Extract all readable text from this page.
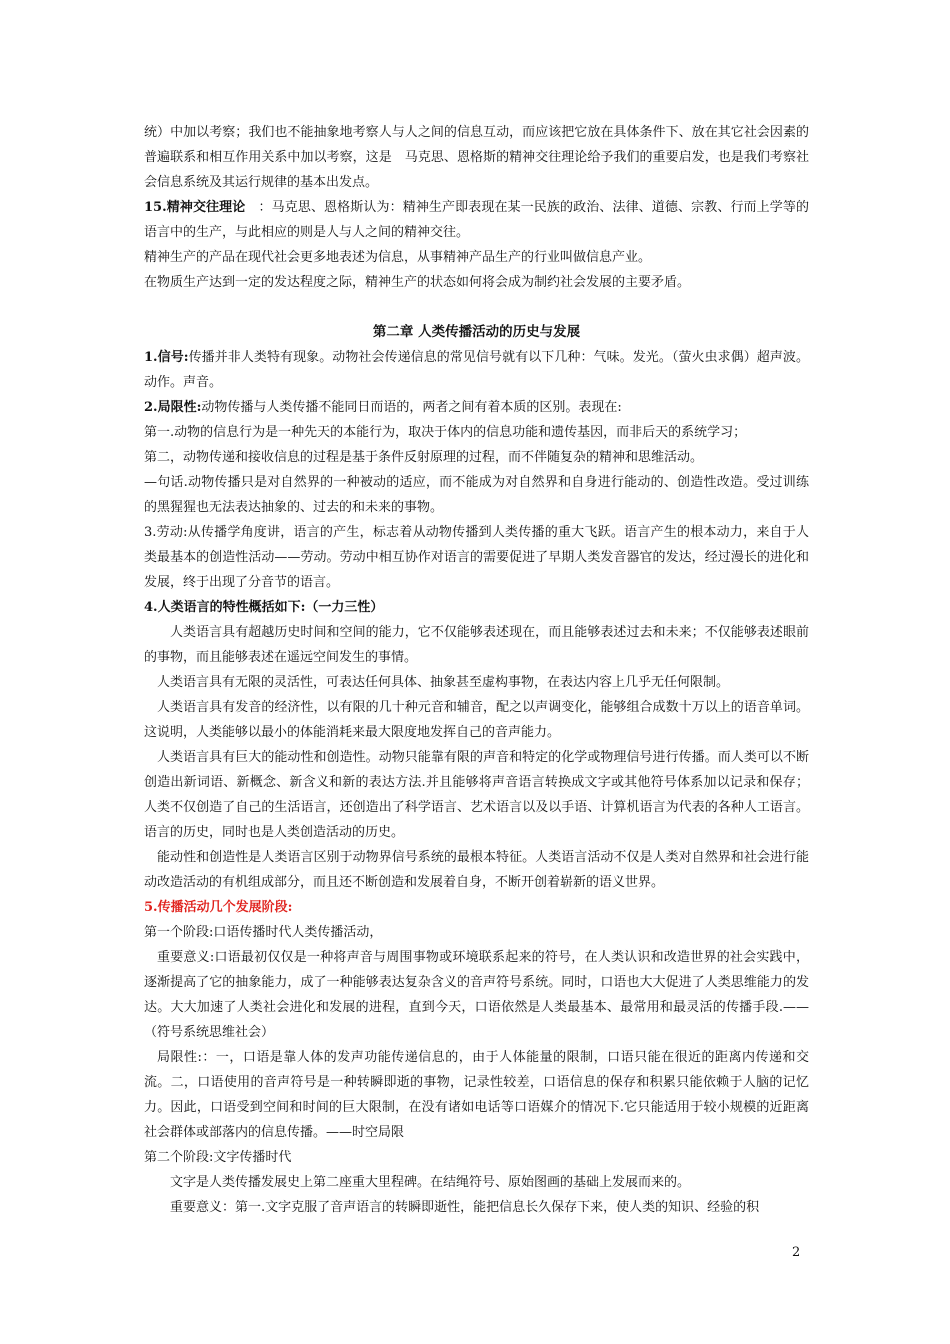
统）中加以考察；我们也不能抽象地考察人与人之间的信息互动，而应该把它放在具体条件下、放在其它社会因素的普遍联系和相互作用关系中加以考察，这是　马克思、恩格斯的精神交往理论给予我们的重要启发，也是我们考察社会信息系统及其运行规律的基本出发点。

15.精神交往理论　：马克思、恩格斯认为：精神生产即表现在某一民族的政治、法律、道德、宗教、行而上学等的语言中的生产，与此相应的则是人与人之间的精神交往。

精神生产的产品在现代社会更多地表述为信息，从事精神产品生产的行业叫做信息产业。

在物质生产达到一定的发达程度之际，精神生产的状态如何将会成为制约社会发展的主要矛盾。

第二章 人类传播活动的历史与发展

1.信号:传播并非人类特有现象。动物社会传递信息的常见信号就有以下几种：气味。发光。（萤火虫求偶）超声波。动作。声音。

2.局限性:动物传播与人类传播不能同日而语的，两者之间有着本质的区别。表现在:

第一.动物的信息行为是一种先天的本能行为，取决于体内的信息功能和遗传基因，而非后天的系统学习；

第二，动物传递和接收信息的过程是基于条件反射原理的过程，而不伴随复杂的精神和思维活动。

—句话.动物传播只是对自然界的一种被动的适应，而不能成为对自然界和自身进行能动的、创造性改造。受过训练的黑猩猩也无法表达抽象的、过去的和未来的事物。

3.劳动:从传播学角度讲，语言的产生，标志着从动物传播到人类传播的重大飞跃。语言产生的根本动力，来自于人类最基本的创造性活动——劳动。劳动中相互协作对语言的需要促进了早期人类发音器官的发达，经过漫长的进化和发展，终于出现了分音节的语言。

4.人类语言的特性概括如下:（一力三性）

人类语言具有超越历史时间和空间的能力，它不仅能够表述现在，而且能够表述过去和未来；不仅能够表述眼前的事物，而且能够表述在遥远空间发生的事情。

人类语言具有无限的灵活性，可表达任何具体、抽象甚至虚构事物，在表达内容上几乎无任何限制。

人类语言具有发音的经济性，以有限的几十种元音和辅音，配之以声调变化，能够组合成数十万以上的语音单词。这说明，人类能够以最小的体能消耗来最大限度地发挥自己的音声能力。

人类语言具有巨大的能动性和创造性。动物只能靠有限的声音和特定的化学或物理信号进行传播。而人类可以不断创造出新词语、新概念、新含义和新的表达方法.并且能够将声音语言转换成文字或其他符号体系加以记录和保存；人类不仅创造了自己的生活语言，还创造出了科学语言、艺术语言以及以手语、计算机语言为代表的各种人工语言。语言的历史，同时也是人类创造活动的历史。

能动性和创造性是人类语言区别于动物界信号系统的最根本特征。人类语言活动不仅是人类对自然界和社会进行能动改造活动的有机组成部分，而且还不断创造和发展着自身，不断开创着崭新的语义世界。

5.传播活动几个发展阶段:

第一个阶段:口语传播时代人类传播活动，

重要意义:口语最初仅仅是一种将声音与周围事物或环境联系起来的符号，在人类认识和改造世界的社会实践中，逐渐提高了它的抽象能力，成了一种能够表达复杂含义的音声符号系统。同时，口语也大大促进了人类思维能力的发达。大大加速了人类社会进化和发展的进程，直到今天，口语依然是人类最基本、最常用和最灵活的传播手段.——（符号系统思维社会）

局限性:：一，口语是靠人体的发声功能传递信息的，由于人体能量的限制，口语只能在很近的距离内传递和交流。二，口语使用的音声符号是一种转瞬即逝的事物，记录性较差，口语信息的保存和积累只能依赖于人脑的记忆力。因此，口语受到空间和时间的巨大限制，在没有诸如电话等口语媒介的情况下.它只能适用于较小规模的近距离社会群体或部落内的信息传播。——时空局限

第二个阶段:文字传播时代

文字是人类传播发展史上第二座重大里程碑。在结绳符号、原始图画的基础上发展而来的。

重要意义：第一.文字克服了音声语言的转瞬即逝性，能把信息长久保存下来，使人类的知识、经验的积

2
